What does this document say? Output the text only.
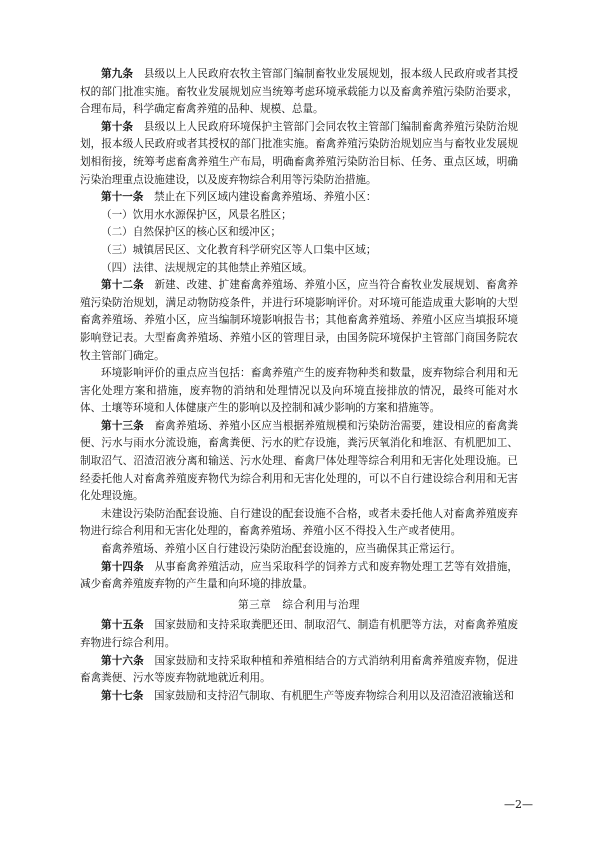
第九条　 县级以上人民政府农牧主管部门编制畜牧业发展规划，报本级人民政府或者其授权的部门批准实施。畜牧业发展规划应当统筹考虑环境承载能力以及畜禽养殖污染防治要求，合理布局，科学确定畜禽养殖的品种、规模、总量。

第十条　 县级以上人民政府环境保护主管部门会同农牧主管部门编制畜禽养殖污染防治规划，报本级人民政府或者其授权的部门批准实施。畜禽养殖污染防治规划应当与畜牧业发展规划相衔接，统筹考虑畜禽养殖生产布局，明确畜禽养殖污染防治目标、任务、重点区域，明确污染治理重点设施建设，以及废弃物综合利用等污染防治措施。

第十一条　 禁止在下列区域内建设畜禽养殖场、养殖小区：

（一）饮用水水源保护区，风景名胜区；

（二）自然保护区的核心区和缓冲区；

（三）城镇居民区、文化教育科学研究区等人口集中区域；

（四）法律、法规规定的其他禁止养殖区域。

第十二条　 新建、改建、扩建畜禽养殖场、养殖小区，应当符合畜牧业发展规划、畜禽养殖污染防治规划，满足动物防疫条件，并进行环境影响评价。对环境可能造成重大影响的大型畜禽养殖场、养殖小区，应当编制环境影响报告书；其他畜禽养殖场、养殖小区应当填报环境影响登记表。大型畜禽养殖场、养殖小区的管理目录，由国务院环境保护主管部门商国务院农牧主管部门确定。

环境影响评价的重点应当包括：畜禽养殖产生的废弃物种类和数量，废弃物综合利用和无害化处理方案和措施，废弃物的消纳和处理情况以及向环境直接排放的情况，最终可能对水体、土壤等环境和人体健康产生的影响以及控制和减少影响的方案和措施等。

第十三条　 畜禽养殖场、养殖小区应当根据养殖规模和污染防治需要，建设相应的畜禽粪便、污水与雨水分流设施，畜禽粪便、污水的贮存设施，粪污厌氧消化和堆沤、有机肥加工、制取沼气、沼渣沼液分离和输送、污水处理、畜禽尸体处理等综合利用和无害化处理设施。已经委托他人对畜禽养殖废弃物代为综合利用和无害化处理的，可以不自行建设综合利用和无害化处理设施。

未建设污染防治配套设施、自行建设的配套设施不合格，或者未委托他人对畜禽养殖废弃物进行综合利用和无害化处理的，畜禽养殖场、养殖小区不得投入生产或者使用。

畜禽养殖场、养殖小区自行建设污染防治配套设施的，应当确保其正常运行。

第十四条　 从事畜禽养殖活动，应当采取科学的饲养方式和废弃物处理工艺等有效措施，减少畜禽养殖废弃物的产生量和向环境的排放量。

第三章　综合利用与治理

第十五条　 国家鼓励和支持采取粪肥还田、制取沼气、制造有机肥等方法，对畜禽养殖废弃物进行综合利用。

第十六条　 国家鼓励和支持采取种植和养殖相结合的方式消纳利用畜禽养殖废弃物，促进畜禽粪便、污水等废弃物就地就近利用。

第十七条　 国家鼓励和支持沼气制取、有机肥生产等废弃物综合利用以及沼渣沼液输送和

—2—
